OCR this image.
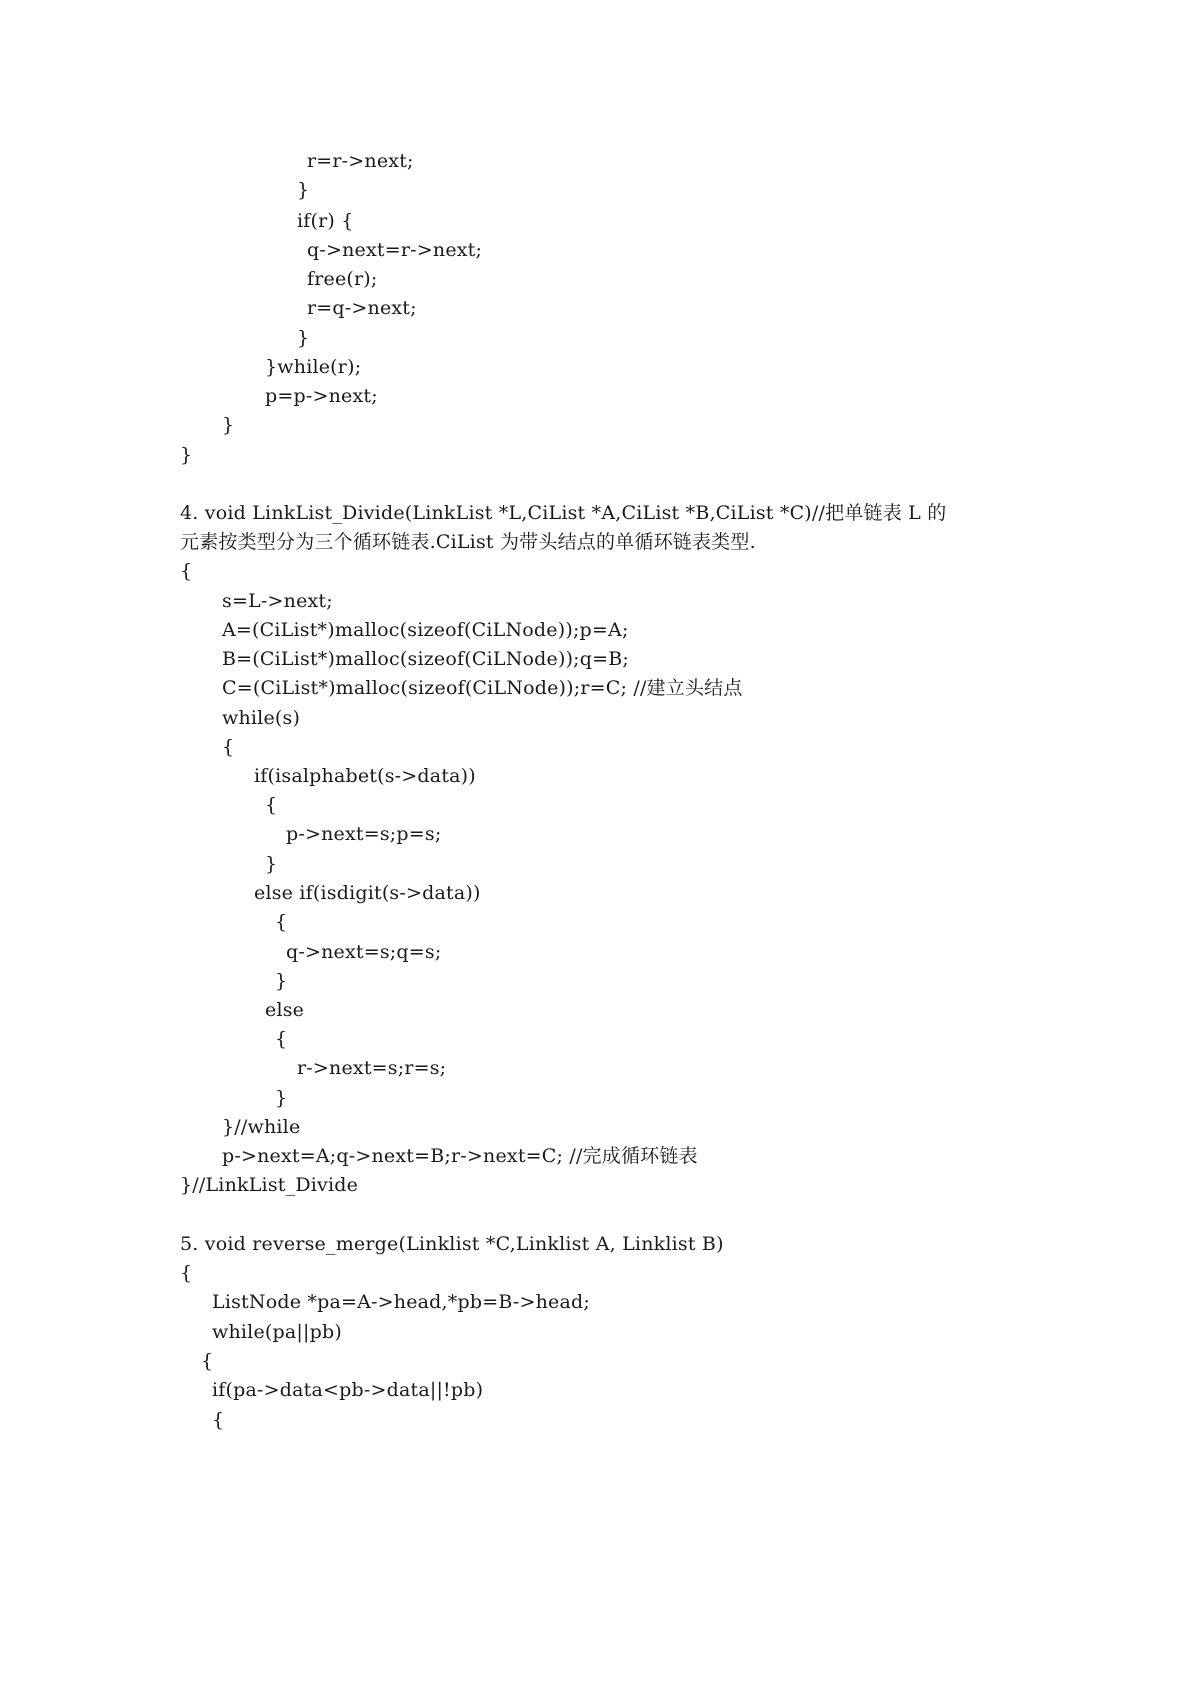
r=r->next;
}
if(r) {
q->next=r->next;
free(r);
r=q->next;
}
}while(r);
p=p->next;
}
}
4. void LinkList_Divide(LinkList *L,CiList *A,CiList *B,CiList *C)//把单链表 L 的
元素按类型分为三个循环链表.CiList 为带头结点的单循环链表类型.
{
s=L->next;
A=(CiList*)malloc(sizeof(CiLNode));p=A;
B=(CiList*)malloc(sizeof(CiLNode));q=B;
C=(CiList*)malloc(sizeof(CiLNode));r=C; //建立头结点
while(s)
{
if(isalphabet(s->data))
{
p->next=s;p=s;
}
else if(isdigit(s->data))
{
q->next=s;q=s;
}
else
{
r->next=s;r=s;
}
}//while
p->next=A;q->next=B;r->next=C; //完成循环链表
}//LinkList_Divide
5. void reverse_merge(Linklist *C,Linklist A, Linklist B)
{
ListNode *pa=A->head,*pb=B->head;
while(pa||pb)
{
if(pa->data<pb->data||!pb)
{
